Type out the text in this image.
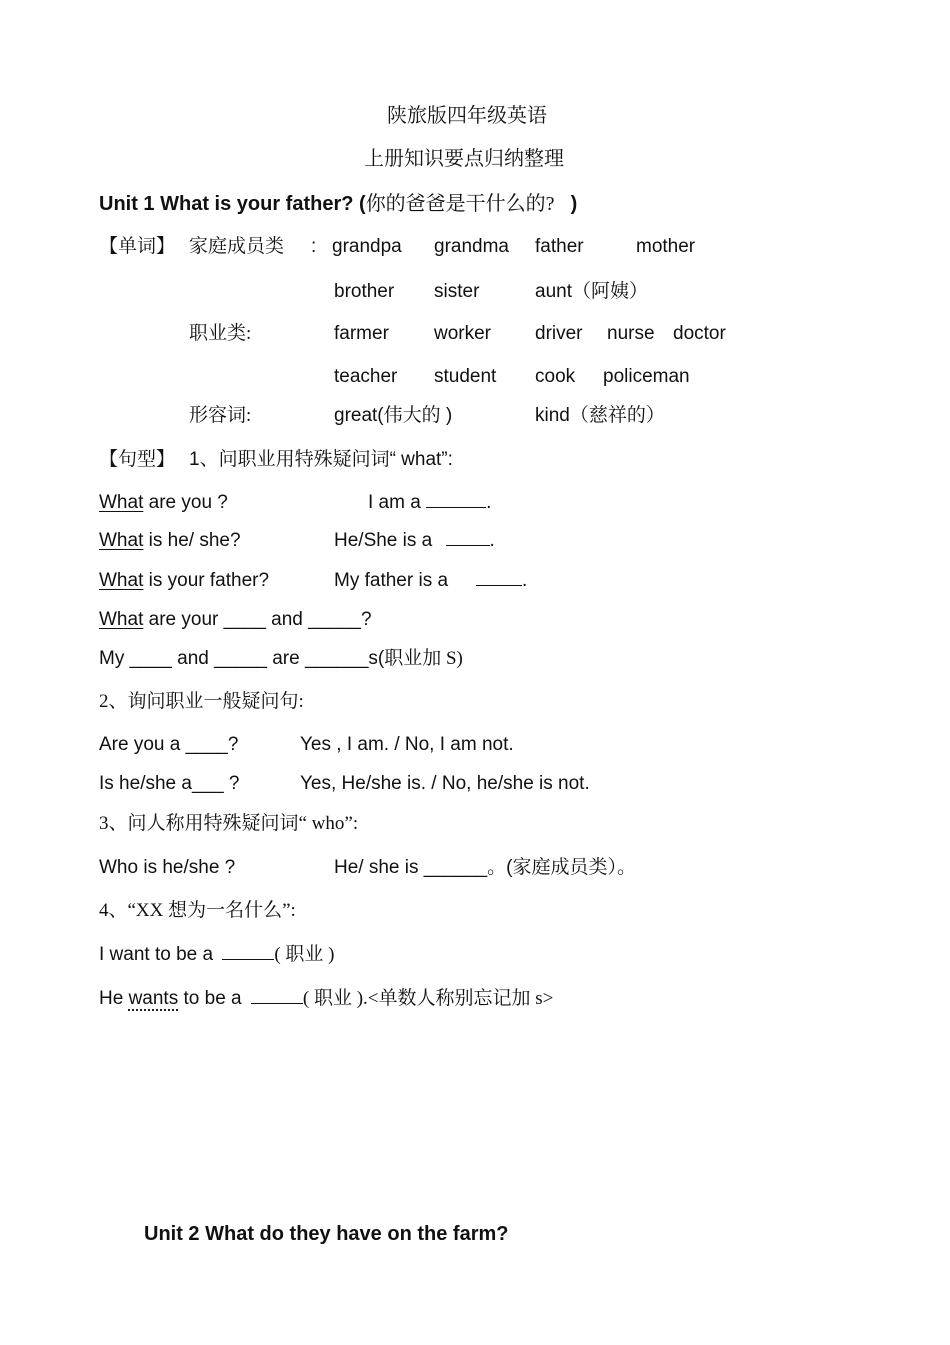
陕旅版四年级英语
上册知识要点归纳整理
Unit 1 What is your father? (你的爸爸是干什么的? )
【单词】 家庭成员类 : grandpa grandma father	mother
brother sister	aunt（阿姨）
职业类:	farmer worker driver nurse doctor
teacher student cook policeman
形容词:	great(伟大的 )	kind（慈祥的）
【句型】 1、问职业用特殊疑问词“ what”:
What are you ?	I am a	.
What is he/ she?	He/She is a	.
What is your father?	My father is a	.
What are your ____ and _____?
My ____ and _____ are ______s(职业加 S)
2、询问职业一般疑问句:
Are you a ____?	Yes , I am. / No, I am not.
Is he/she a___ ?	Yes, He/she is. / No, he/she is not.
3、问人称用特殊疑问词“ who”:
Who is he/she ?	He/ she is ______。(家庭成员类）。
4、“XX 想为一名什么”:
I want to be a	( 职业 )
He wants to be a	( 职业 ).<单数人称别忘记加 s>
Unit 2 What do they have on the farm?
